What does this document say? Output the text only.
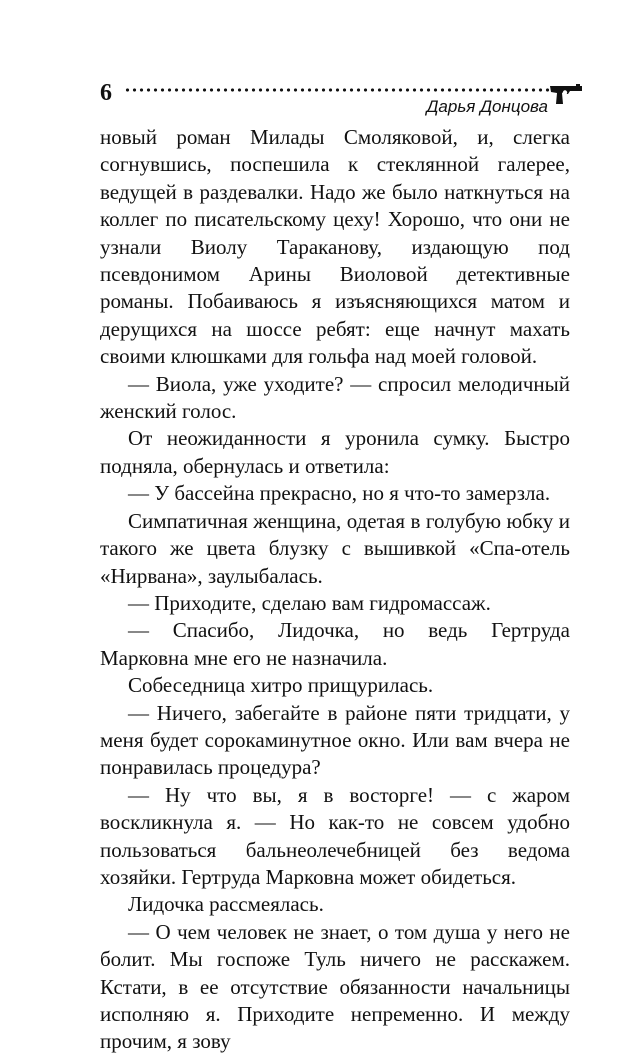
6
Дарья Донцова

новый роман Милады Смоляковой, и, слегка согнувшись, поспешила к стеклянной галерее, ведущей в раздевалки. Надо же было наткнуться на коллег по писательскому цеху! Хорошо, что они не узнали Виолу Тараканову, издающую под псевдонимом Арины Виоловой детективные романы. Побаиваюсь я изъясняющихся матом и дерущихся на шоссе ребят: еще начнут махать своими клюшками для гольфа над моей головой.

— Виола, уже уходите? — спросил мелодичный женский голос.

От неожиданности я уронила сумку. Быстро подняла, обернулась и ответила:

— У бассейна прекрасно, но я что-то замерзла.

Симпатичная женщина, одетая в голубую юбку и такого же цвета блузку с вышивкой «Спа-отель «Нирвана», заулыбалась.

— Приходите, сделаю вам гидромассаж.

— Спасибо, Лидочка, но ведь Гертруда Марковна мне его не назначила.

Собеседница хитро прищурилась.

— Ничего, забегайте в районе пяти тридцати, у меня будет сорокаминутное окно. Или вам вчера не понравилась процедура?

— Ну что вы, я в восторге! — с жаром воскликнула я. — Но как-то не совсем удобно пользоваться бальнеолечебницей без ведома хозяйки. Гертруда Марковна может обидеться.

Лидочка рассмеялась.

— О чем человек не знает, о том душа у него не болит. Мы госпоже Туль ничего не расскажем. Кстати, в ее отсутствие обязанности начальницы исполняю я. Приходите непременно. И между прочим, я зову
